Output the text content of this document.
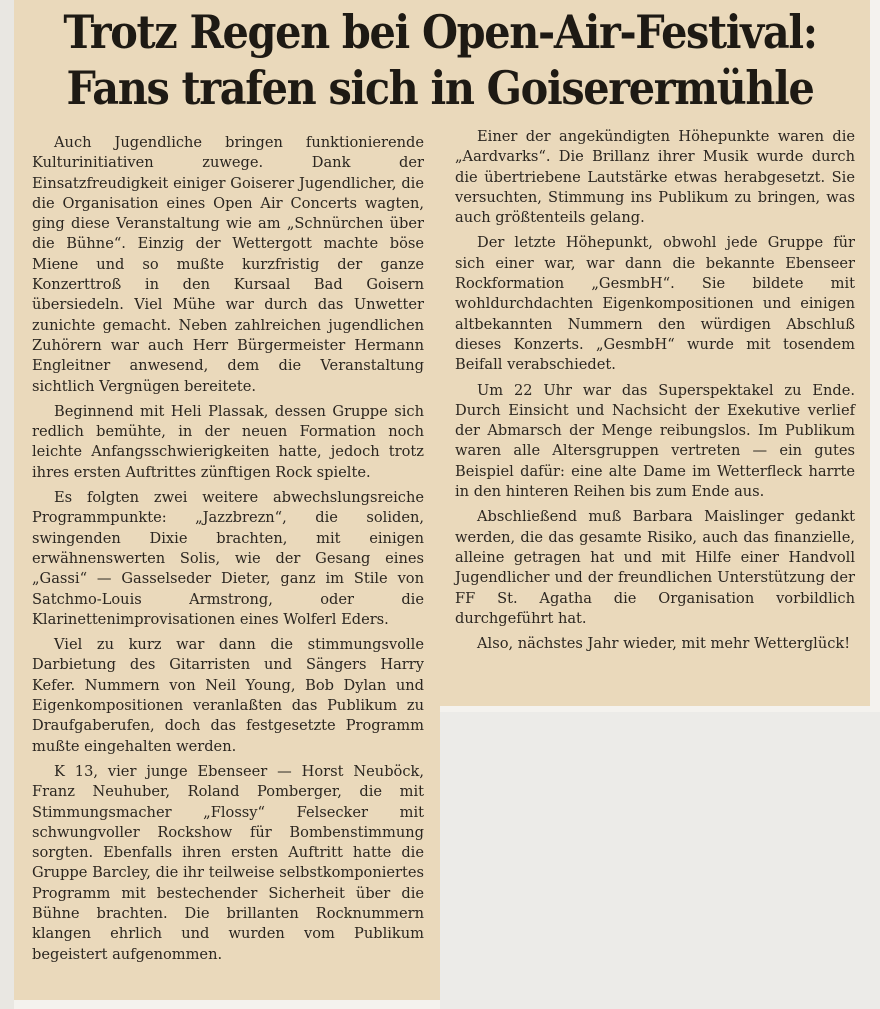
Trotz Regen bei Open-Air-Festival:
Fans trafen sich in Goiserermühle

Auch Jugendliche bringen funktionierende Kulturinitiativen zuwege. Dank der Einsatzfreudigkeit einiger Goiserer Jugendlicher, die die Organisation eines Open Air Concerts wagten, ging diese Veranstaltung wie am „Schnürchen über die Bühne“. Einzig der Wettergott machte böse Miene und so mußte kurzfristig der ganze Konzerttroß in den Kursaal Bad Goisern übersiedeln. Viel Mühe war durch das Unwetter zunichte gemacht. Neben zahlreichen jugendlichen Zuhörern war auch Herr Bürgermeister Hermann Engleitner anwesend, dem die Veranstaltung sichtlich Vergnügen bereitete.

Beginnend mit Heli Plassak, dessen Gruppe sich redlich bemühte, in der neuen Formation noch leichte Anfangsschwierigkeiten hatte, jedoch trotz ihres ersten Auftrittes zünftigen Rock spielte.

Es folgten zwei weitere abwechslungsreiche Programmpunkte: „Jazzbrezn“, die soliden, swingenden Dixie brachten, mit einigen erwähnenswerten Solis, wie der Gesang eines „Gassi“ — Gasselseder Dieter, ganz im Stile von Satchmo-Louis Armstrong, oder die Klarinettenimprovisationen eines Wolferl Eders.

Viel zu kurz war dann die stimmungsvolle Darbietung des Gitarristen und Sängers Harry Kefer. Nummern von Neil Young, Bob Dylan und Eigenkompositionen veranlaßten das Publikum zu Draufgaberufen, doch das festgesetzte Programm mußte eingehalten werden.

K 13, vier junge Ebenseer — Horst Neuböck, Franz Neuhuber, Roland Pomberger, die mit Stimmungsmacher „Flossy“ Felsecker mit schwungvoller Rockshow für Bombenstimmung sorgten. Ebenfalls ihren ersten Auftritt hatte die Gruppe Barcley, die ihr teilweise selbstkomponiertes Programm mit bestechender Sicherheit über die Bühne brachten. Die brillanten Rocknummern klangen ehrlich und wurden vom Publikum begeistert aufgenommen.

Einer der angekündigten Höhepunkte waren die „Aardvarks“. Die Brillanz ihrer Musik wurde durch die übertriebene Lautstärke etwas herabgesetzt. Sie versuchten, Stimmung ins Publikum zu bringen, was auch größtenteils gelang.

Der letzte Höhepunkt, obwohl jede Gruppe für sich einer war, war dann die bekannte Ebenseer Rockformation „GesmbH“. Sie bildete mit wohldurchdachten Eigenkompositionen und einigen altbekannten Nummern den würdigen Abschluß dieses Konzerts. „GesmbH“ wurde mit tosendem Beifall verabschiedet.

Um 22 Uhr war das Superspektakel zu Ende. Durch Einsicht und Nachsicht der Exekutive verlief der Abmarsch der Menge reibungslos. Im Publikum waren alle Altersgruppen vertreten — ein gutes Beispiel dafür: eine alte Dame im Wetterfleck harrte in den hinteren Reihen bis zum Ende aus.

Abschließend muß Barbara Maislinger gedankt werden, die das gesamte Risiko, auch das finanzielle, alleine getragen hat und mit Hilfe einer Handvoll Jugendlicher und der freundlichen Unterstützung der FF St. Agatha die Organisation vorbildlich durchgeführt hat.

Also, nächstes Jahr wieder, mit mehr Wetterglück!
